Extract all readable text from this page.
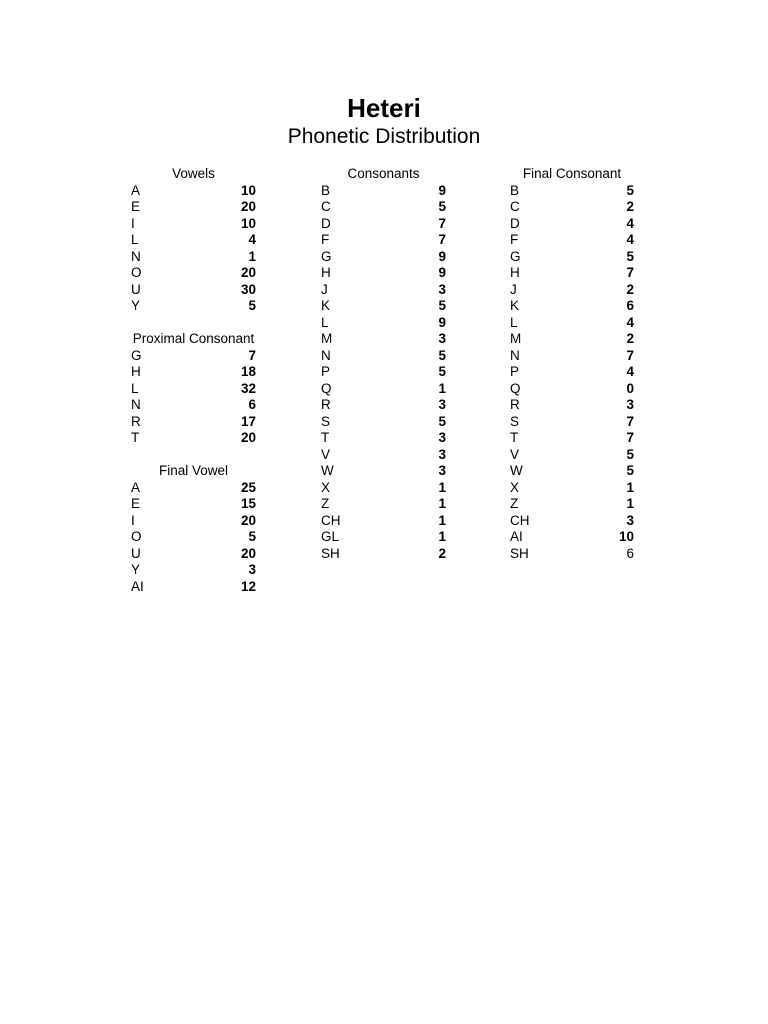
Heteri
Phonetic Distribution
Vowels
A	10
E	20
I	10
L	4
N	1
O	20
U	30
Y	5
Proximal Consonant
G	7
H	18
L	32
N	6
R	17
T	20
Final Vowel
A	25
E	15
I	20
O	5
U	20
Y	3
AI	12
Consonants
B	9
C	5
D	7
F	7
G	9
H	9
J	3
K	5
L	9
M	3
N	5
P	5
Q	1
R	3
S	5
T	3
V	3
W	3
X	1
Z	1
CH	1
GL	1
SH	2
Final Consonant
B	5
C	2
D	4
F	4
G	5
H	7
J	2
K	6
L	4
M	2
N	7
P	4
Q	0
R	3
S	7
T	7
V	5
W	5
X	1
Z	1
CH	3
AI	10
SH	6
